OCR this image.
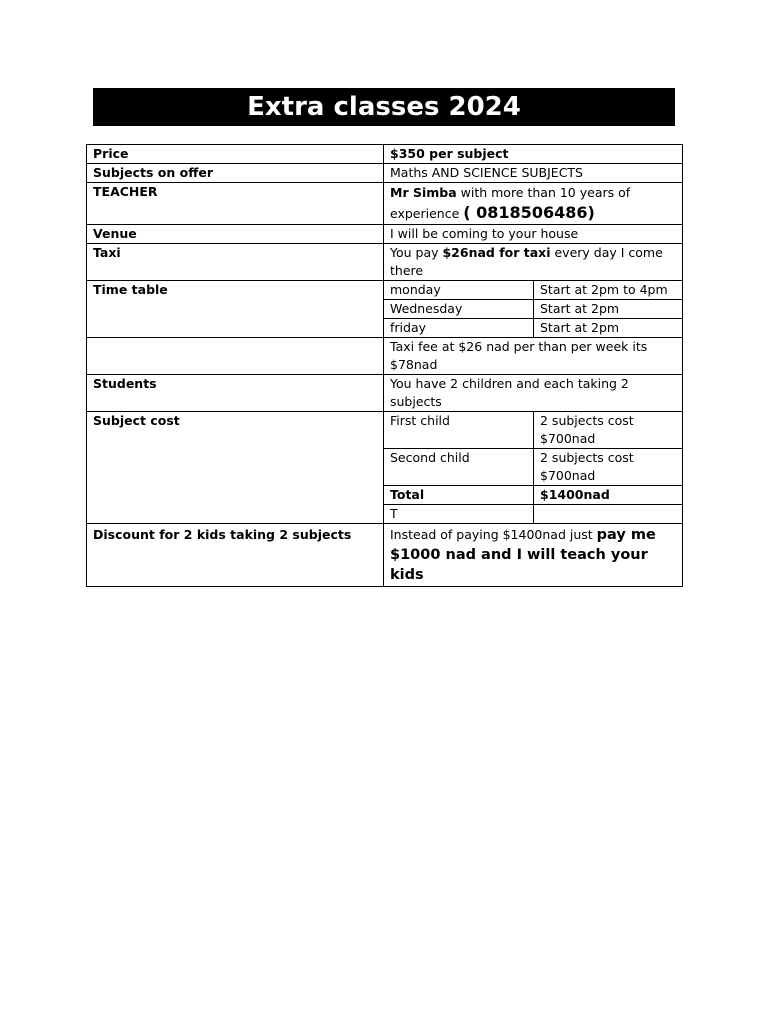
Extra classes 2024
Price	$350 per subject	
Subjects on offer	Maths AND SCIENCE SUBJECTS	
TEACHER	Mr Simba with more than 10 years of experience ( 0818506486)	
Venue	I will be coming to your house	
Taxi	You pay $26nad for taxi every day I come there	
Time table	monday	Start at 2pm to 4pm
	Wednesday	Start at 2pm
	friday	Start at 2pm
	Taxi fee at $26 nad per than per week its $78nad	
Students	You have 2 children and each taking 2 subjects	
Subject cost	First child	2 subjects cost $700nad
	Second child	2 subjects cost $700nad
	Total	$1400nad
	T	
Discount for 2 kids taking 2 subjects	Instead of paying $1400nad just pay me $1000 nad and I will teach your kids	
